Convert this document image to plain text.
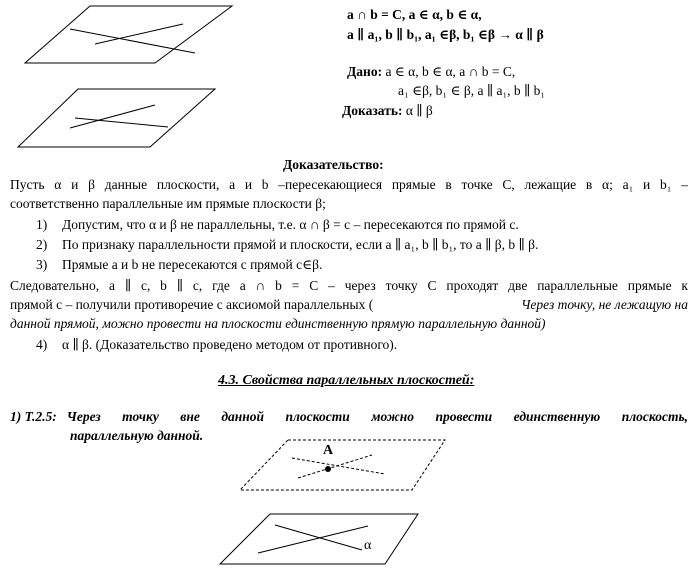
a ∩ b = C, a ∈ α, b ∈ α,
a ∥ a₁, b ∥ b₁, a₁ ∈β, b₁ ∈β → α ∥ β
Дано: a ∈ α, b ∈ α, a ∩ b = C,
a₁ ∈β, b₁ ∈ β, a ∥ a₁, b ∥ b₁
Доказать: α ∥ β
Доказательство:
Пусть α и β данные плоскости, a и b –пересекающиеся прямые в точке С, лежащие в α; a₁ и b₁ –
соответственно параллельные им прямые плоскости β;
1) Допустим, что α и β не параллельны, т.е. α ∩ β = c – пересекаются по прямой c.
2) По признаку параллельности прямой и плоскости, если a ∥ a₁, b ∥ b₁, то a ∥ β, b ∥ β.
3) Прямые a и b не пересекаются с прямой c∈β.
Следовательно, a ∥ c, b ∥ c, где a ∩ b = C – через точку С проходят две параллельные прямые к
прямой c – получили противоречие с аксиомой параллельных (	Через точку, не лежащую на
данной прямой, можно провести на плоскости единственную прямую параллельную данной)
4) α ∥ β. (Доказательство проведено методом от противного).
4.3. Свойства параллельных плоскостей:
1) Т.2.5: Через точку вне данной плоскости можно провести единственную плоскость,
параллельную данной.
A
α
